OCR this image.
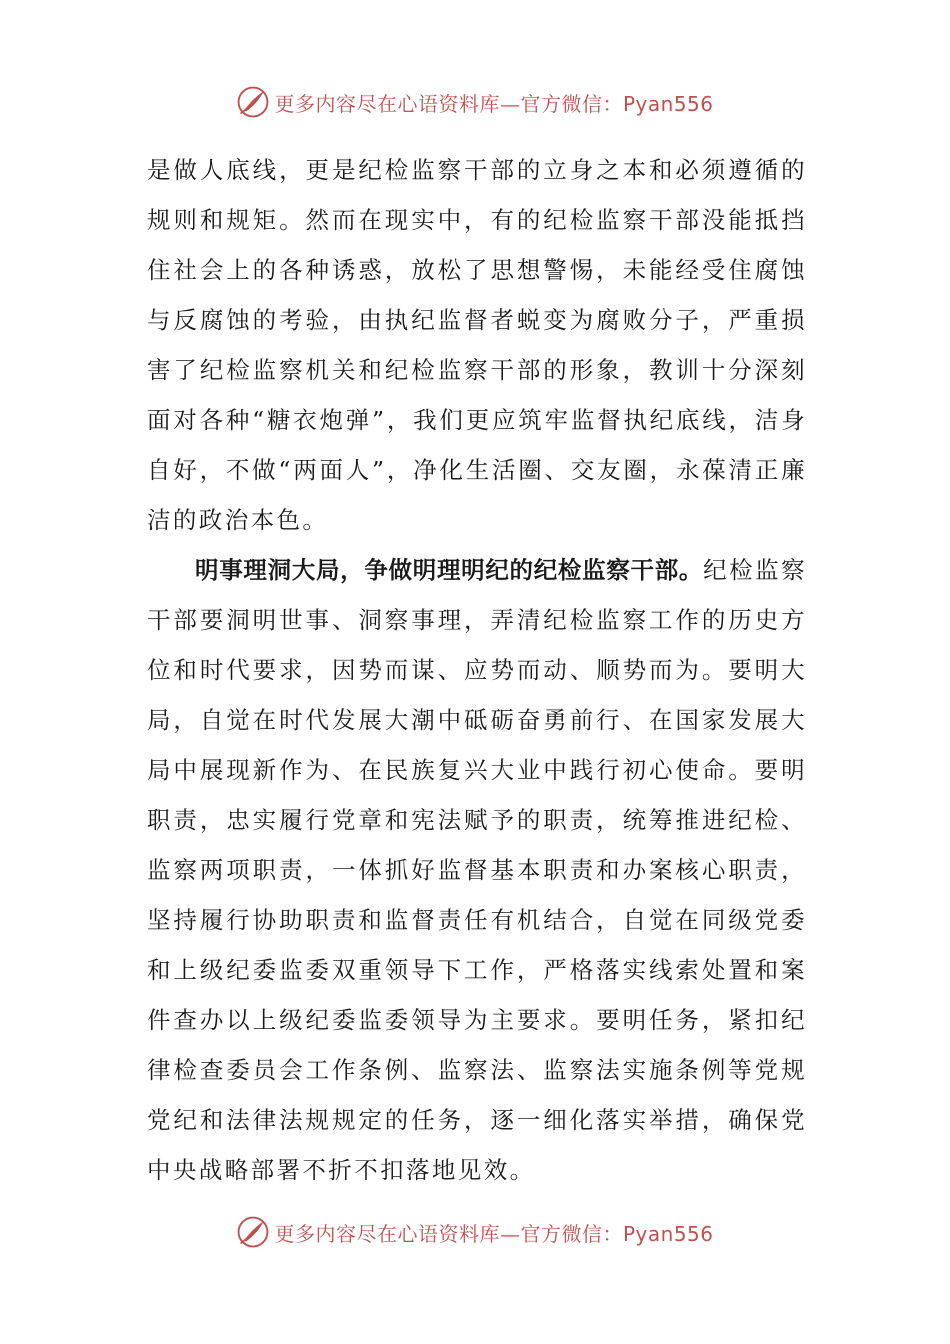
更多内容尽在心语资料库—官方微信：Pyan556

是做人底线，更是纪检监察干部的立身之本和必须遵循的规则和规矩。然而在现实中，有的纪检监察干部没能抵挡住社会上的各种诱惑，放松了思想警惕，未能经受住腐蚀与反腐蚀的考验，由执纪监督者蜕变为腐败分子，严重损害了纪检监察机关和纪检监察干部的形象，教训十分深刻面对各种“糖衣炮弹”，我们更应筑牢监督执纪底线，洁身自好，不做“两面人”，净化生活圈、交友圈，永葆清正廉洁的政治本色。

明事理洞大局，争做明理明纪的纪检监察干部。纪检监察干部要洞明世事、洞察事理，弄清纪检监察工作的历史方位和时代要求，因势而谋、应势而动、顺势而为。要明大局，自觉在时代发展大潮中砥砺奋勇前行、在国家发展大局中展现新作为、在民族复兴大业中践行初心使命。要明职责，忠实履行党章和宪法赋予的职责，统筹推进纪检、监察两项职责，一体抓好监督基本职责和办案核心职责，坚持履行协助职责和监督责任有机结合，自觉在同级党委和上级纪委监委双重领导下工作，严格落实线索处置和案件查办以上级纪委监委领导为主要求。要明任务，紧扣纪律检查委员会工作条例、监察法、监察法实施条例等党规党纪和法律法规规定的任务，逐一细化落实举措，确保党中央战略部署不折不扣落地见效。

更多内容尽在心语资料库—官方微信：Pyan556
